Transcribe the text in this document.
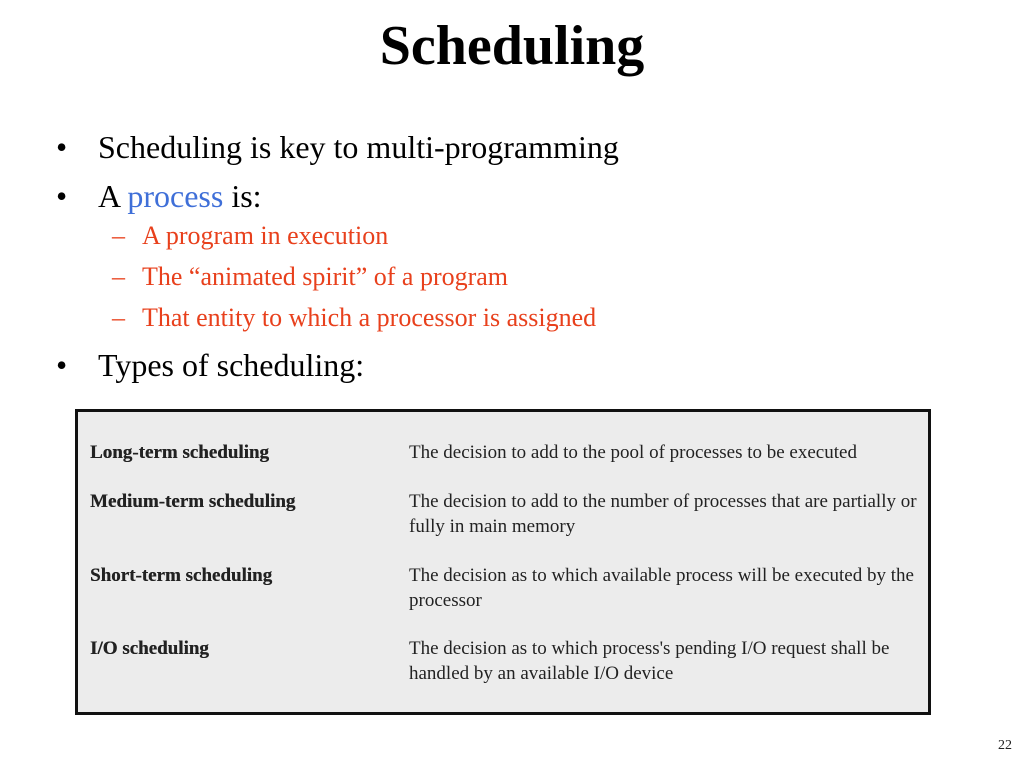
Scheduling
• Scheduling is key to multi-programming
• A process is:
– A program in execution
– The “animated spirit” of a program
– That entity to which a processor is assigned
• Types of scheduling:
Long-term scheduling	The decision to add to the pool of processes to be executed
Medium-term scheduling	The decision to add to the number of processes that are partially or fully in main memory
Short-term scheduling	The decision as to which available process will be executed by the processor
I/O scheduling	The decision as to which process's pending I/O request shall be handled by an available I/O device
22
